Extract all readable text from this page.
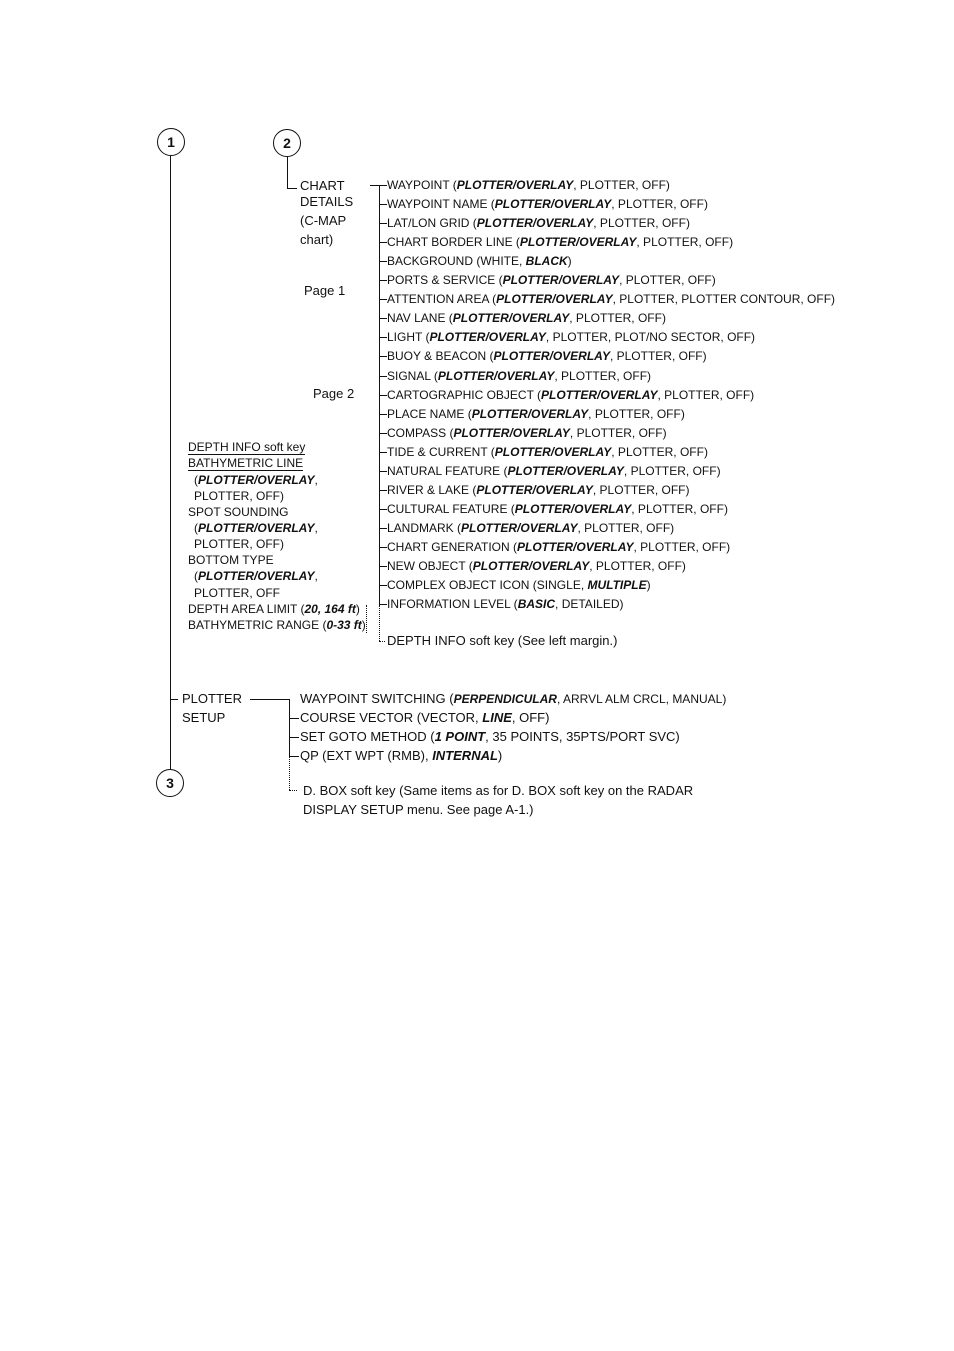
1
3
2
CHART
DETAILS
(C-MAP
chart)
Page 1
Page 2
WAYPOINT (PLOTTER/OVERLAY, PLOTTER, OFF)
WAYPOINT NAME (PLOTTER/OVERLAY, PLOTTER, OFF)
LAT/LON GRID (PLOTTER/OVERLAY, PLOTTER, OFF)
CHART BORDER LINE (PLOTTER/OVERLAY, PLOTTER, OFF)
BACKGROUND (WHITE, BLACK)
PORTS & SERVICE (PLOTTER/OVERLAY, PLOTTER, OFF)
ATTENTION AREA (PLOTTER/OVERLAY, PLOTTER, PLOTTER CONTOUR, OFF)
NAV LANE (PLOTTER/OVERLAY, PLOTTER, OFF)
LIGHT (PLOTTER/OVERLAY, PLOTTER, PLOT/NO SECTOR, OFF)
BUOY & BEACON (PLOTTER/OVERLAY, PLOTTER, OFF)
SIGNAL (PLOTTER/OVERLAY, PLOTTER, OFF)
CARTOGRAPHIC OBJECT (PLOTTER/OVERLAY, PLOTTER, OFF)
PLACE NAME (PLOTTER/OVERLAY, PLOTTER, OFF)
COMPASS (PLOTTER/OVERLAY, PLOTTER, OFF)
TIDE & CURRENT (PLOTTER/OVERLAY, PLOTTER, OFF)
NATURAL FEATURE (PLOTTER/OVERLAY, PLOTTER, OFF)
RIVER & LAKE (PLOTTER/OVERLAY, PLOTTER, OFF)
CULTURAL FEATURE (PLOTTER/OVERLAY, PLOTTER, OFF)
LANDMARK (PLOTTER/OVERLAY, PLOTTER, OFF)
CHART GENERATION (PLOTTER/OVERLAY, PLOTTER, OFF)
NEW OBJECT (PLOTTER/OVERLAY, PLOTTER, OFF)
COMPLEX OBJECT ICON (SINGLE, MULTIPLE)
INFORMATION LEVEL (BASIC, DETAILED)
DEPTH INFO soft key (See left margin.)
DEPTH INFO soft key
BATHYMETRIC LINE
(PLOTTER/OVERLAY,
PLOTTER, OFF)
SPOT SOUNDING
(PLOTTER/OVERLAY,
PLOTTER, OFF)
BOTTOM TYPE
(PLOTTER/OVERLAY,
PLOTTER, OFF
DEPTH AREA LIMIT (20, 164 ft)
BATHYMETRIC RANGE (0-33 ft)
PLOTTER
SETUP
WAYPOINT SWITCHING (PERPENDICULAR, ARRVL ALM CRCL, MANUAL)
COURSE VECTOR (VECTOR, LINE, OFF)
SET GOTO METHOD (1 POINT, 35 POINTS, 35PTS/PORT SVC)
QP (EXT WPT (RMB), INTERNAL)
D. BOX soft key (Same items as for D. BOX soft key on the RADAR
DISPLAY SETUP menu. See page A-1.)
